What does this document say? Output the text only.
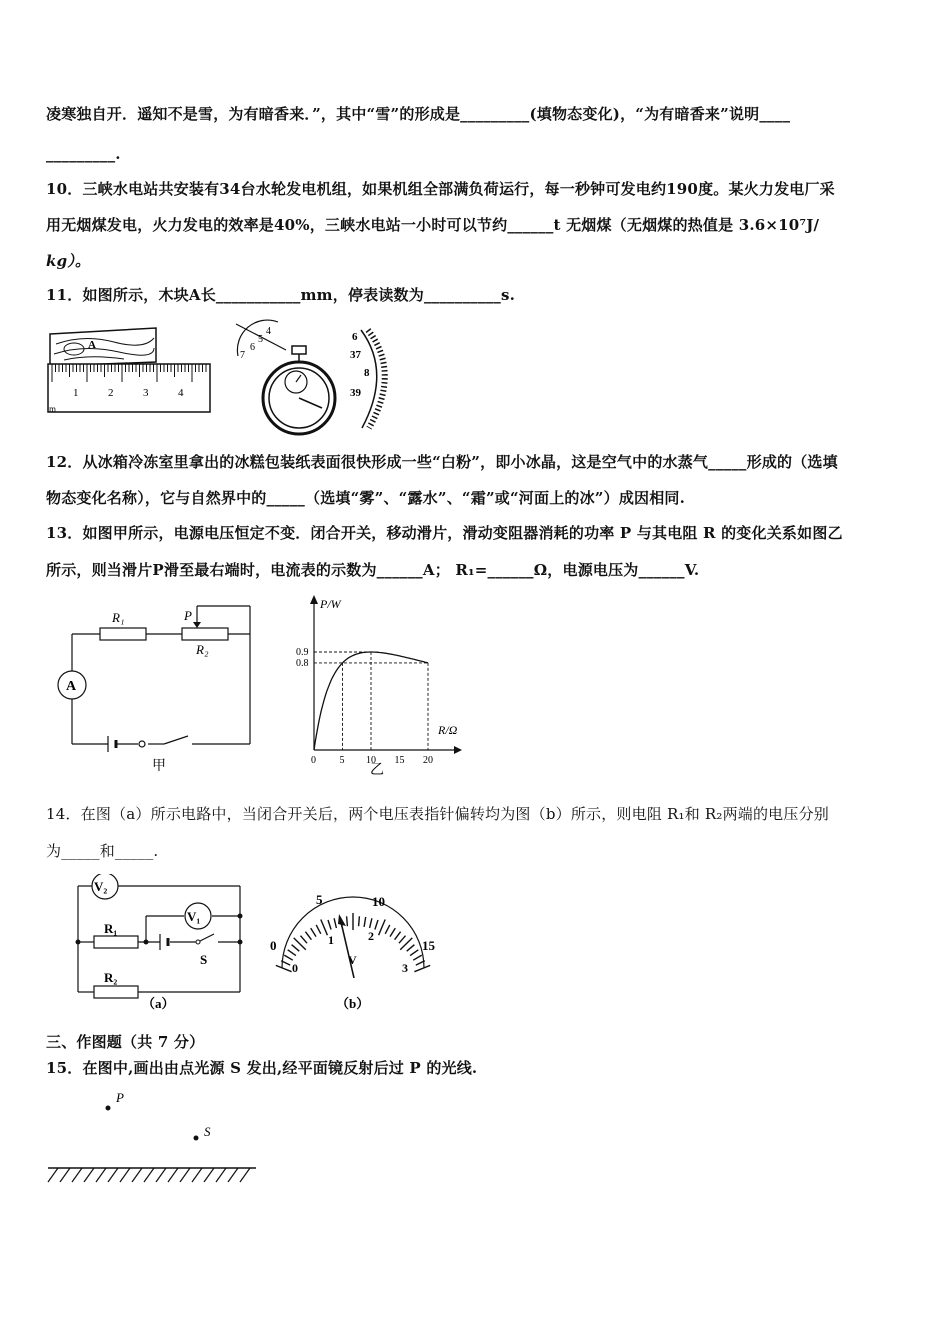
凌寒独自开．遥知不是雪，为有暗香来．”，其中“雪”的形成是_________(填物态变化)，“为有暗香来”说明____
_________.
10．三峡水电站共安装有34台水轮发电机组，如果机组全部满负荷运行，每一秒钟可发电约190度。某火力发电厂采
用无烟煤发电，火力发电的效率是40%，三峡水电站一小时可以节约______t 无烟煤（无烟煤的热值是 3.6×10⁷J/
kg）。
11．如图所示，木块A长___________mm，停表读数为__________s.
A
1	2	3	4
m
4
5
6
7
6
37
8
39
12．从冰箱冷冻室里拿出的冰糕包装纸表面很快形成一些“白粉”，即小冰晶，这是空气中的水蒸气_____形成的（选填
物态变化名称），它与自然界中的_____（选填“雾”、“露水”、“霜”或“河面上的冰”）成因相同.
13．如图甲所示，电源电压恒定不变．闭合开关，移动滑片，滑动变阻器消耗的功率 P 与其电阻 R 的变化关系如图乙
所示，则当滑片P滑至最右端时，电流表的示数为______A； R₁=______Ω，电源电压为______V.
A
R₁	P
R₂
甲
P/W
R/Ω
0 5 10 15 20
0.8
0.9
乙
14．在图（a）所示电路中，当闭合开关后，两个电压表指针偏转均为图（b）所示，则电阻 R₁和 R₂两端的电压分别
为_____和_____.
V₂
V₁
R₁
R₂
S
（a）
0
5	10
15
0
1	2
3
V
（b）
三、作图题（共 7 分）
15．在图中,画出由点光源 S 发出,经平面镜反射后过 P 的光线.
P
S
